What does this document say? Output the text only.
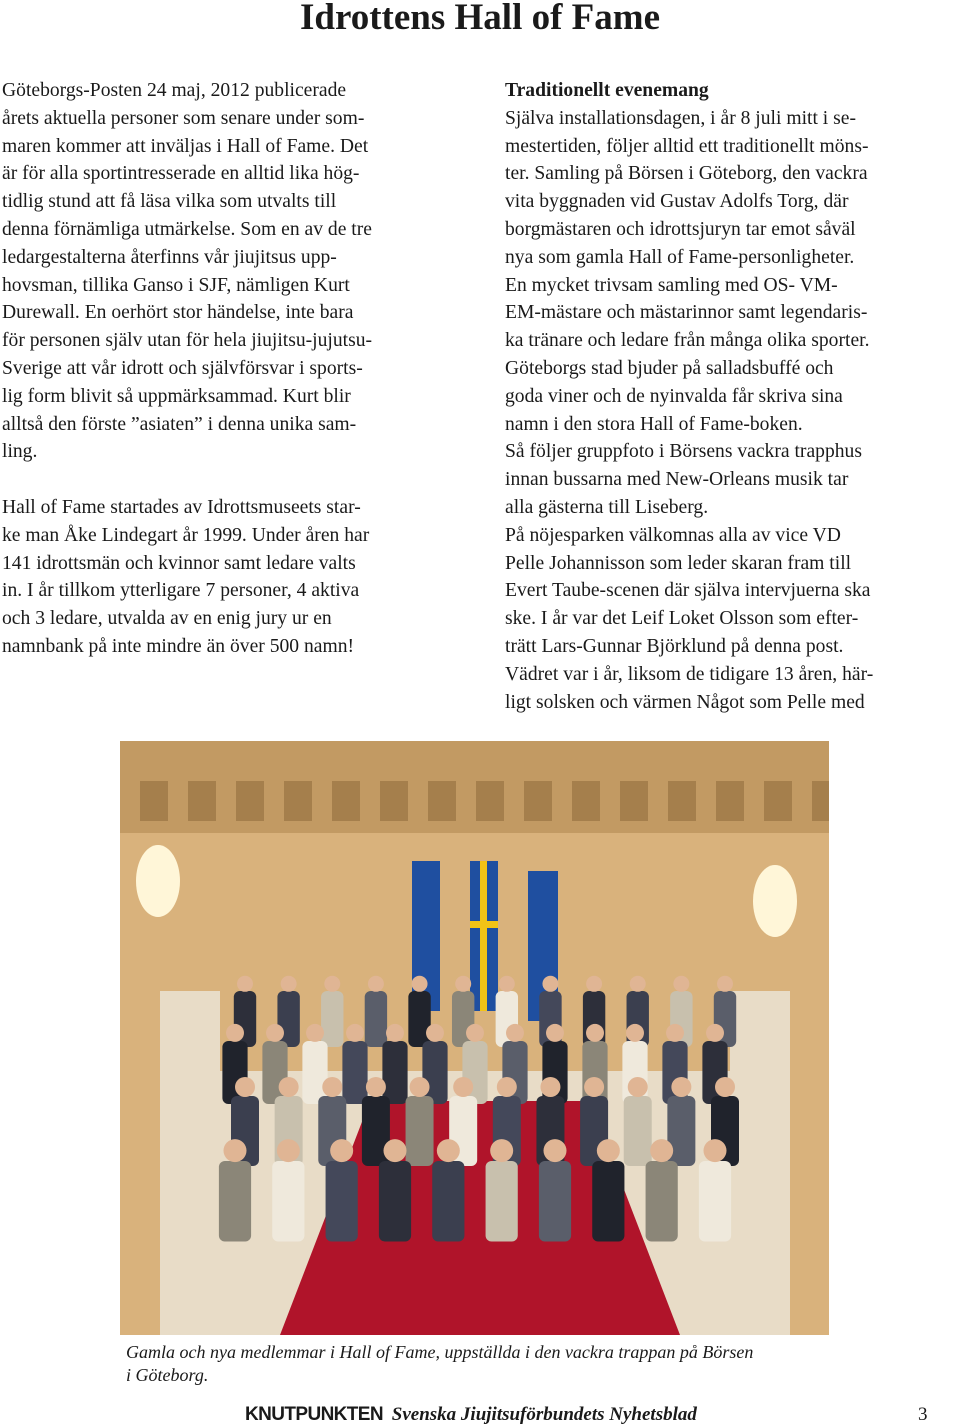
Idrottens Hall of Fame
Göteborgs-Posten 24 maj, 2012 publicerade
årets aktuella personer som senare under som-
maren kommer att inväljas i Hall of Fame. Det
är för alla sportintresserade en alltid lika hög-
tidlig stund att få läsa vilka som utvalts till
denna förnämliga utmärkelse. Som en av de tre
ledargestalterna återfinns vår jiujitsus upp-
hovsman, tillika Ganso i SJF, nämligen Kurt
Durewall. En oerhört stor händelse, inte bara
för personen själv utan för hela jiujitsu-jujutsu-
Sverige att vår idrott och självförsvar i sports-
lig form blivit så uppmärksammad. Kurt blir
alltså den förste ”asiaten” i denna unika sam-
ling.
Hall of Fame startades av Idrottsmuseets star-
ke man Åke Lindegart år 1999. Under åren har
141 idrottsmän och kvinnor samt ledare valts
in. I år tillkom ytterligare 7 personer, 4 aktiva
och 3 ledare, utvalda av en enig jury ur en
namnbank på inte mindre än över 500 namn!
Traditionellt evenemang
Själva installationsdagen, i år 8 juli mitt i se-
mestertiden, följer alltid ett traditionellt möns-
ter. Samling på Börsen i Göteborg, den vackra
vita byggnaden vid Gustav Adolfs Torg, där
borgmästaren och idrottsjuryn tar emot såväl
nya som gamla Hall of Fame-personligheter.
En mycket trivsam samling med OS- VM-
EM-mästare och mästarinnor samt legendaris-
ka tränare och ledare från många olika sporter.
Göteborgs stad bjuder på salladsbuffé och
goda viner och de nyinvalda får skriva sina
namn i den stora Hall of Fame-boken.
Så följer gruppfoto i Börsens vackra trapphus
innan bussarna med New-Orleans musik tar
alla gästerna till Liseberg.
På nöjesparken välkomnas alla av vice VD
Pelle Johannisson som leder skaran fram till
Evert Taube-scenen där själva intervjuerna ska
ske. I år var det Leif Loket Olsson som efter-
trätt Lars-Gunnar Björklund på denna post.
Vädret var i år, liksom de tidigare 13 åren, här-
ligt solsken och värmen Något som Pelle med
Gamla och nya medlemmar i Hall of Fame, uppställda i den vackra trappan på Börsen
i Göteborg.
KNUTPUNKTEN Svenska Jiujitsuförbundets Nyhetsblad	3
